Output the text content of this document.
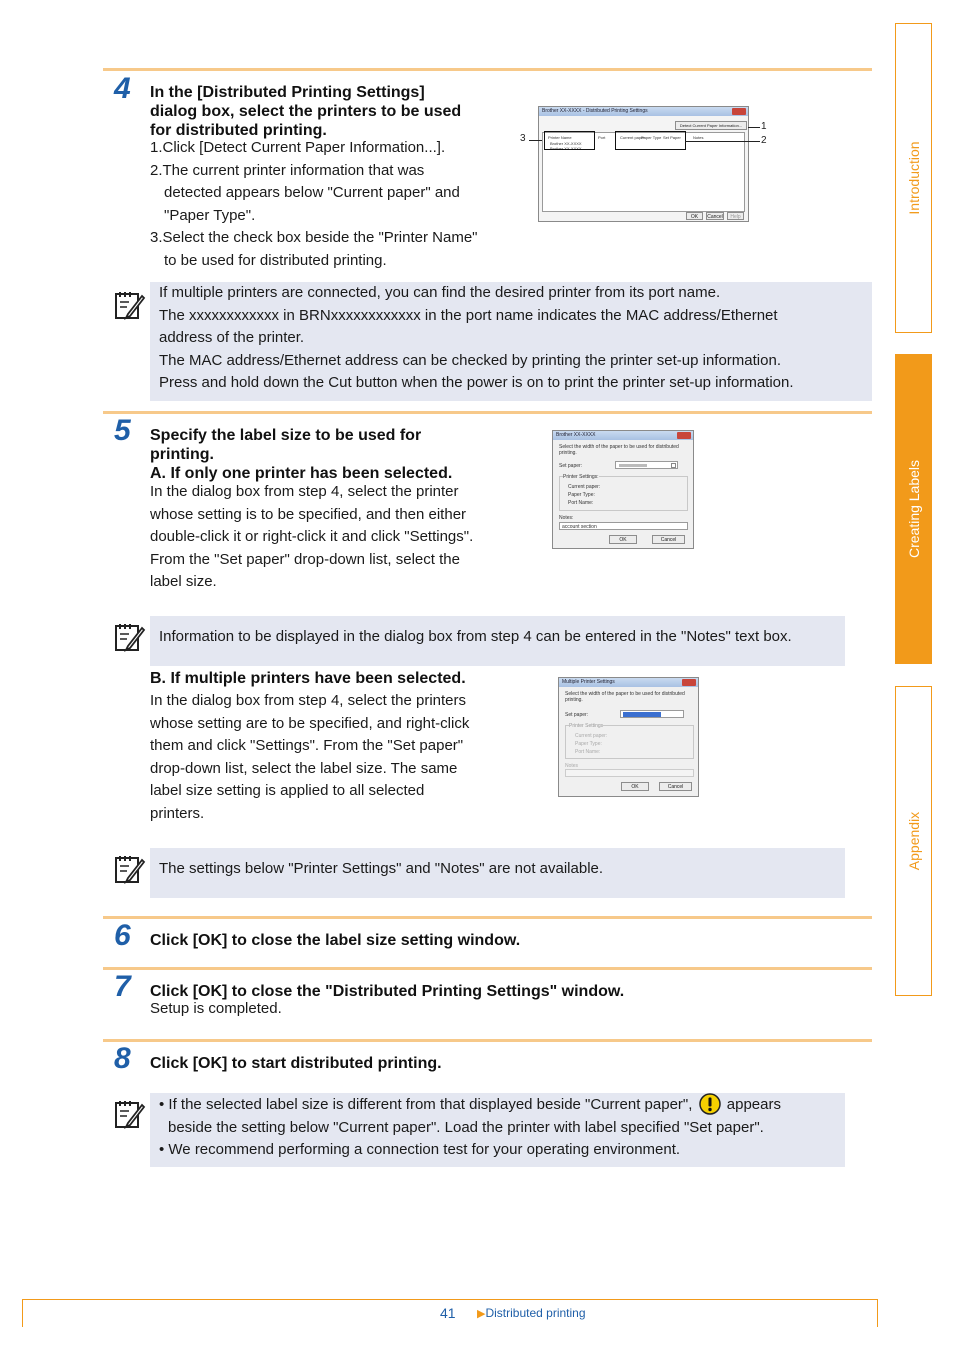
4 In the [Distributed Printing Settings]
dialog box, select the printers to be used
for distributed printing.
1.Click [Detect Current Paper Information...].
2.The current printer information that was
detected appears below "Current paper" and
"Paper Type".
3.Select the check box beside the "Printer Name"
to be used for distributed printing.
Brother XX-XXXX - Distributed Printing Settings
Detect Current Paper Information...
Printer Name	Port	Current paper
Paper Type Set Paper	Notes
Brother XX-XXXX
Brother XX-XXXX
OK	Cancel	Help
1
2
3
If multiple printers are connected, you can find the desired printer from its port name.
The xxxxxxxxxxxx in BRNxxxxxxxxxxxx in the port name indicates the MAC address/Ethernet
address of the printer.
The MAC address/Ethernet address can be checked by printing the printer set-up information.
Press and hold down the Cut button when the power is on to print the printer set-up information.
5 Specify the label size to be used for
printing.
A. If only one printer has been selected.
In the dialog box from step 4, select the printer
whose setting is to be specified, and then either
double-click it or right-click it and click "Settings".
From the "Set paper" drop-down list, select the
label size.
Brother XX-XXXX
Select the width of the paper to be used for distributed printing.
Set paper:
Printer Settings:
Current paper:
Paper Type:
Port Name:
Notes:
account section
OK	Cancel
Information to be displayed in the dialog box from step 4 can be entered in the "Notes" text box.
B. If multiple printers have been selected.
In the dialog box from step 4, select the printers
whose setting are to be specified, and right-click
them and click "Settings". From the "Set paper"
drop-down list, select the label size. The same
label size setting is applied to all selected
printers.
Multiple Printer Settings
Select the width of the paper to be used for distributed printing.
Set paper:
Printer Settings
Current paper:
Paper Type:
Port Name:
Notes
OK	Cancel
The settings below "Printer Settings" and "Notes" are not available.
6 Click [OK] to close the label size setting window.
7 Click [OK] to close the "Distributed Printing Settings" window.
Setup is completed.
8 Click [OK] to start distributed printing.
• If the selected label size is different from that displayed beside "Current paper", appears
beside the setting below "Current paper". Load the printer with label specified "Set paper".
• We recommend performing a connection test for your operating environment.
Introduction
Creating Labels
Appendix
41 ▶Distributed printing
